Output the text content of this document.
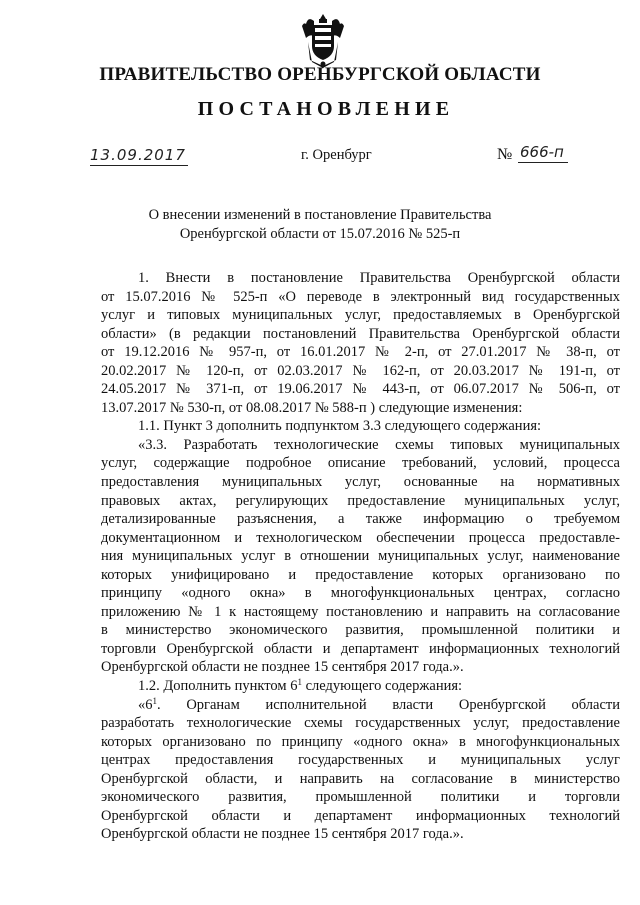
ПРАВИТЕЛЬСТВО ОРЕНБУРГСКОЙ ОБЛАСТИ
ПОСТАНОВЛЕНИЕ
13.09.2017	г. Оренбург	№ 666-п
О внесении изменений в постановление Правительства
Оренбургской области от 15.07.2016 № 525-п
1. Внести в постановление Правительства Оренбургской области
от 15.07.2016 № 525-п «О переводе в электронный вид государственных
услуг и типовых муниципальных услуг, предоставляемых в Оренбургской
области» (в редакции постановлений Правительства Оренбургской области
от 19.12.2016 № 957-п, от 16.01.2017 № 2-п, от 27.01.2017 № 38-п, от
20.02.2017 № 120-п, от 02.03.2017 № 162-п, от 20.03.2017 № 191-п, от
24.05.2017 № 371-п, от 19.06.2017 № 443-п, от 06.07.2017 № 506-п, от
13.07.2017 № 530-п, от 08.08.2017 № 588-п ) следующие изменения:
1.1. Пункт 3 дополнить подпунктом 3.3 следующего содержания:
«3.3. Разработать технологические схемы типовых муниципальных
услуг, содержащие подробное описание требований, условий, процесса
предоставления муниципальных услуг, основанные на нормативных
правовых актах, регулирующих предоставление муниципальных услуг,
детализированные разъяснения, а также информацию о требуемом
документационном и технологическом обеспечении процесса предоставле-
ния муниципальных услуг в отношении муниципальных услуг, наименование
которых унифицировано и предоставление которых организовано по
принципу «одного окна» в многофункциональных центрах, согласно
приложению № 1 к настоящему постановлению и направить на согласование
в министерство экономического развития, промышленной политики и
торговли Оренбургской области и департамент информационных технологий
Оренбургской области не позднее 15 сентября 2017 года.».
1.2. Дополнить пунктом $6^1$ следующего содержания:
«$6^1$. Органам исполнительной власти Оренбургской области
разработать технологические схемы государственных услуг, предоставление
которых организовано по принципу «одного окна» в многофункциональных
центрах предоставления государственных и муниципальных услуг
Оренбургской области, и направить на согласование в министерство
экономического развития, промышленной политики и торговли
Оренбургской области и департамент информационных технологий
Оренбургской области не позднее 15 сентября 2017 года.».
